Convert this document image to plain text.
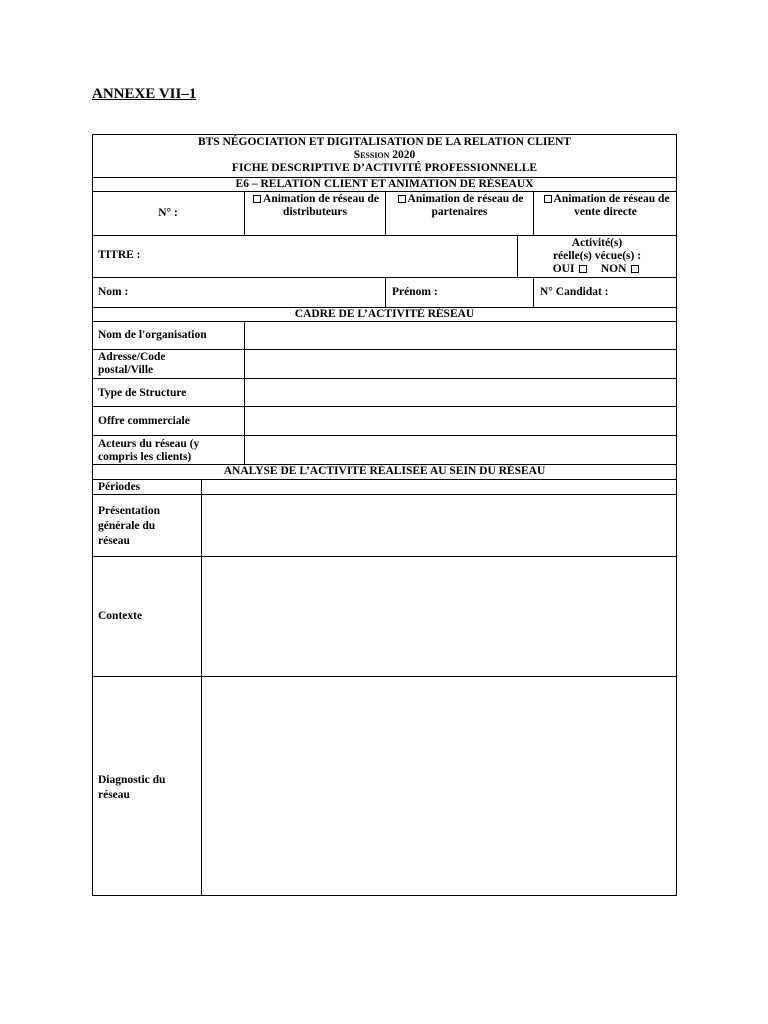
ANNEXE VII–1
BTS NÉGOCIATION ET DIGITALISATION DE LA RELATION CLIENT
Session 2020
FICHE DESCRIPTIVE D’ACTIVITÉ PROFESSIONNELLE
E6 – RELATION CLIENT ET ANIMATION DE RÉSEAUX
N° :
Animation de réseau de distributeurs
Animation de réseau de partenaires
Animation de réseau de vente directe
TITRE :
Activité(s)
réelle(s) vécue(s) :
OUI NON
Nom :	Prénom :	N° Candidat :
CADRE DE L’ACTIVITÉ RÉSEAU
Nom de l'organisation
Adresse/Code postal/Ville
Type de Structure
Offre commerciale
Acteurs du réseau (y compris les clients)
ANALYSE DE L’ACTIVITÉ RÉALISÉE AU SEIN DU RÉSEAU
Périodes
Présentation générale du réseau
Contexte
Diagnostic du réseau
